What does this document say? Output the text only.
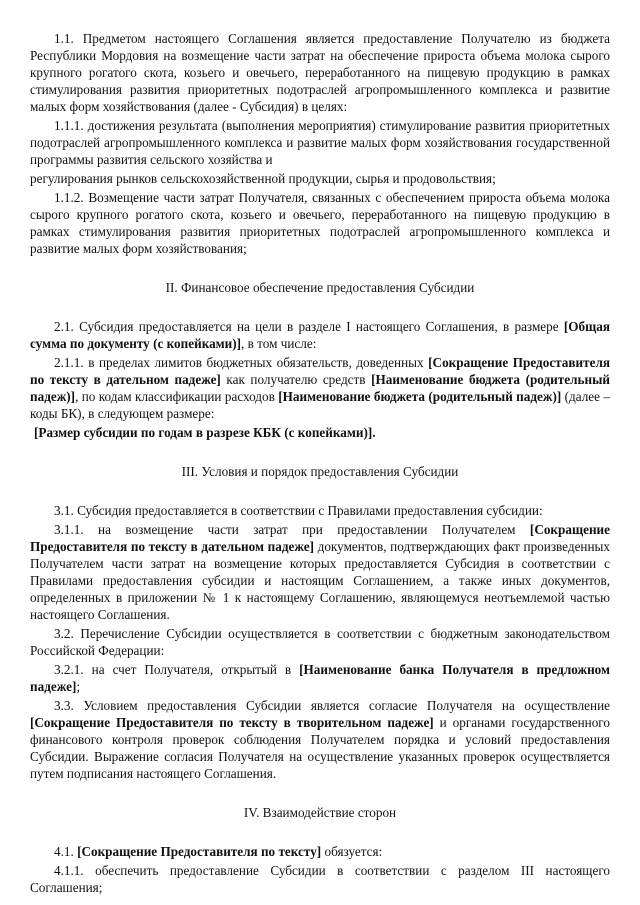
1.1. Предметом настоящего Соглашения является предоставление Получателю из бюджета Республики Мордовия на возмещение части затрат на обеспечение прироста объема молока сырого крупного рогатого скота, козьего и овечьего, переработанного на пищевую продукцию в рамках стимулирования развития приоритетных подотраслей агропромышленного комплекса и развитие малых форм хозяйствования (далее - Субсидия) в целях:

1.1.1. достижения результата (выполнения мероприятия) стимулирование развития приоритетных подотраслей агропромышленного комплекса и развитие малых форм хозяйствования государственной программы развития сельского хозяйства и

регулирования рынков сельскохозяйственной продукции, сырья и продовольствия;

1.1.2. Возмещение части затрат Получателя, связанных с обеспечением прироста объема молока сырого крупного рогатого скота, козьего и овечьего, переработанного на пищевую продукцию в рамках стимулирования развития приоритетных подотраслей агропромышленного комплекса и развитие малых форм хозяйствования;

II. Финансовое обеспечение предоставления Субсидии

2.1. Субсидия предоставляется на цели в разделе I настоящего Соглашения, в размере [Общая сумма по документу (с копейками)], в том числе:

2.1.1. в пределах лимитов бюджетных обязательств, доведенных [Сокращение Предоставителя по тексту в дательном падеже] как получателю средств [Наименование бюджета (родительный падеж)], по кодам классификации расходов [Наименование бюджета (родительный падеж)] (далее – коды БК), в следующем размере:

[Размер субсидии по годам в разрезе КБК (с копейками)].

III. Условия и порядок предоставления Субсидии

3.1. Субсидия предоставляется в соответствии с Правилами предоставления субсидии:

3.1.1. на возмещение части затрат при предоставлении Получателем [Сокращение Предоставителя по тексту в дательном падеже] документов, подтверждающих факт произведенных Получателем части затрат на возмещение которых предоставляется Субсидия в соответствии с Правилами предоставления субсидии и настоящим Соглашением, а также иных документов, определенных в приложении № 1 к настоящему Соглашению, являющемуся неотъемлемой частью настоящего Соглашения.

3.2. Перечисление Субсидии осуществляется в соответствии с бюджетным законодательством Российской Федерации:

3.2.1. на счет Получателя, открытый в [Наименование банка Получателя в предложном падеже];

3.3. Условием предоставления Субсидии является согласие Получателя на осуществление [Сокращение Предоставителя по тексту в творительном падеже] и органами государственного финансового контроля проверок соблюдения Получателем порядка и условий предоставления Субсидии. Выражение согласия Получателя на осуществление указанных проверок осуществляется путем подписания настоящего Соглашения.

IV. Взаимодействие сторон

4.1. [Сокращение Предоставителя по тексту] обязуется:

4.1.1. обеспечить предоставление Субсидии в соответствии с разделом III настоящего Соглашения;
